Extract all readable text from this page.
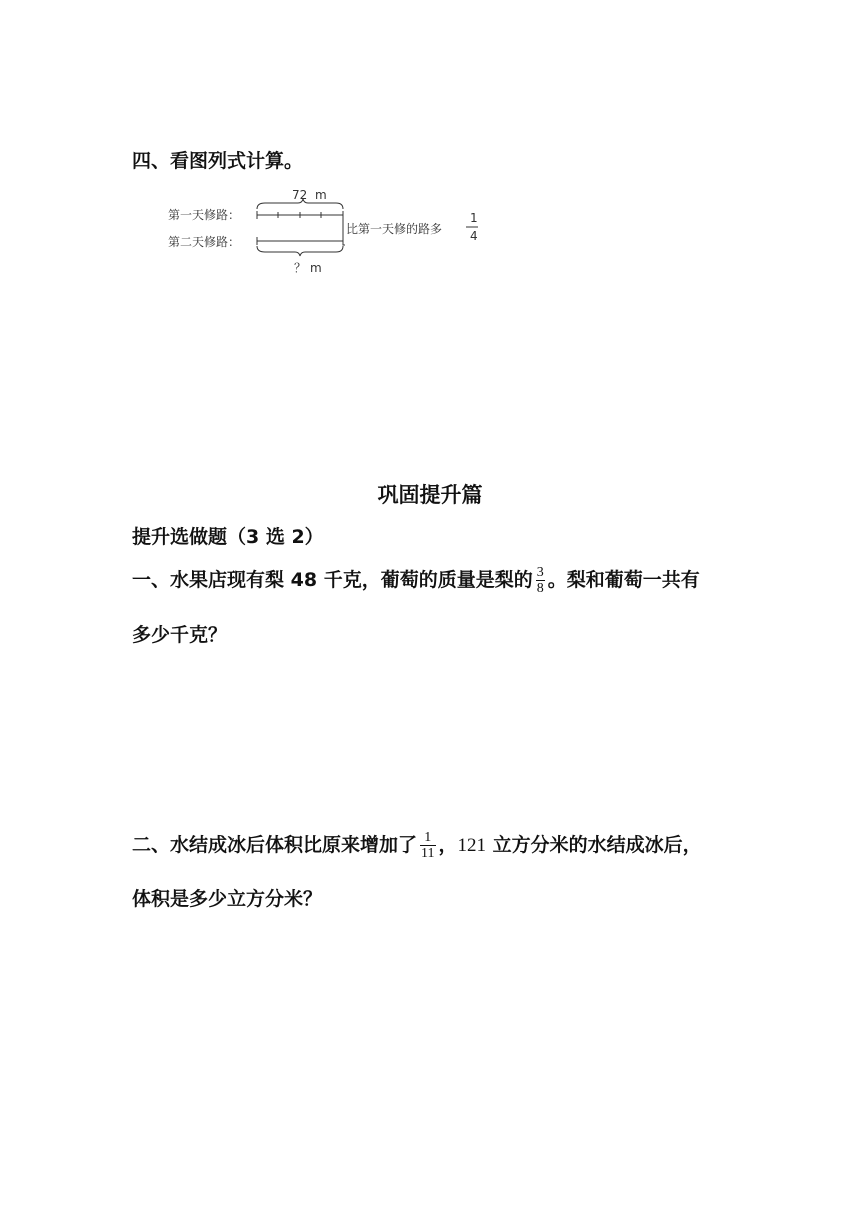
四、看图列式计算。
72 m
第一天修路：
第二天修路：
比第一天修的路多
1
4
？ m
巩固提升篇
提升选做题（3 选 2）
一、水果店现有梨 48 千克，葡萄的质量是梨的 $\frac{3}{8}$ 。梨和葡萄一共有
多少千克？
二、水结成冰后体积比原来增加了 $\frac{1}{11}$ ，121 立方分米的水结成冰后，
体积是多少立方分米？
